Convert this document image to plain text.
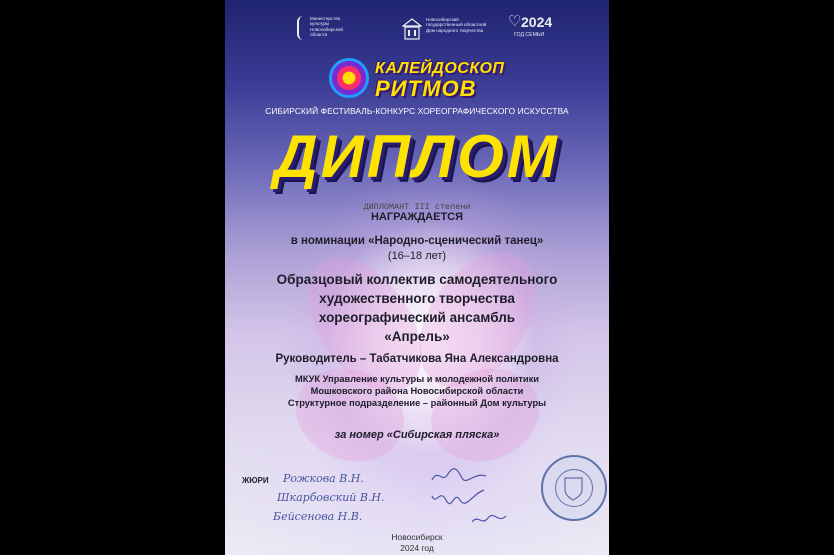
Министерство культуры Новосибирской области
Новосибирский государственный областной Дом народного творчества
♡ 2024
ГОД СЕМЬИ
КАЛЕЙДОСКОП
РИТМОВ
СИБИРСКИЙ ФЕСТИВАЛЬ-КОНКУРС ХОРЕОГРАФИЧЕСКОГО ИСКУССТВА
ДИПЛОМ
ДИПЛОМАНТ III степени
НАГРАЖДАЕТСЯ
в номинации «Народно-сценический танец»
(16–18 лет)
Образцовый коллектив самодеятельного
художественного творчества
хореографический ансамбль
«Апрель»
Руководитель – Табатчикова Яна Александровна
МКУК Управление культуры и молодежной политики
Мошковского района Новосибирской области
Структурное подразделение – районный Дом культуры
за номер «Сибирская пляска»
ЖЮРИ Рожкова В.Н.
Шкарбовский В.Н.
Бейсенова Н.В.
Новосибирск
2024 год
